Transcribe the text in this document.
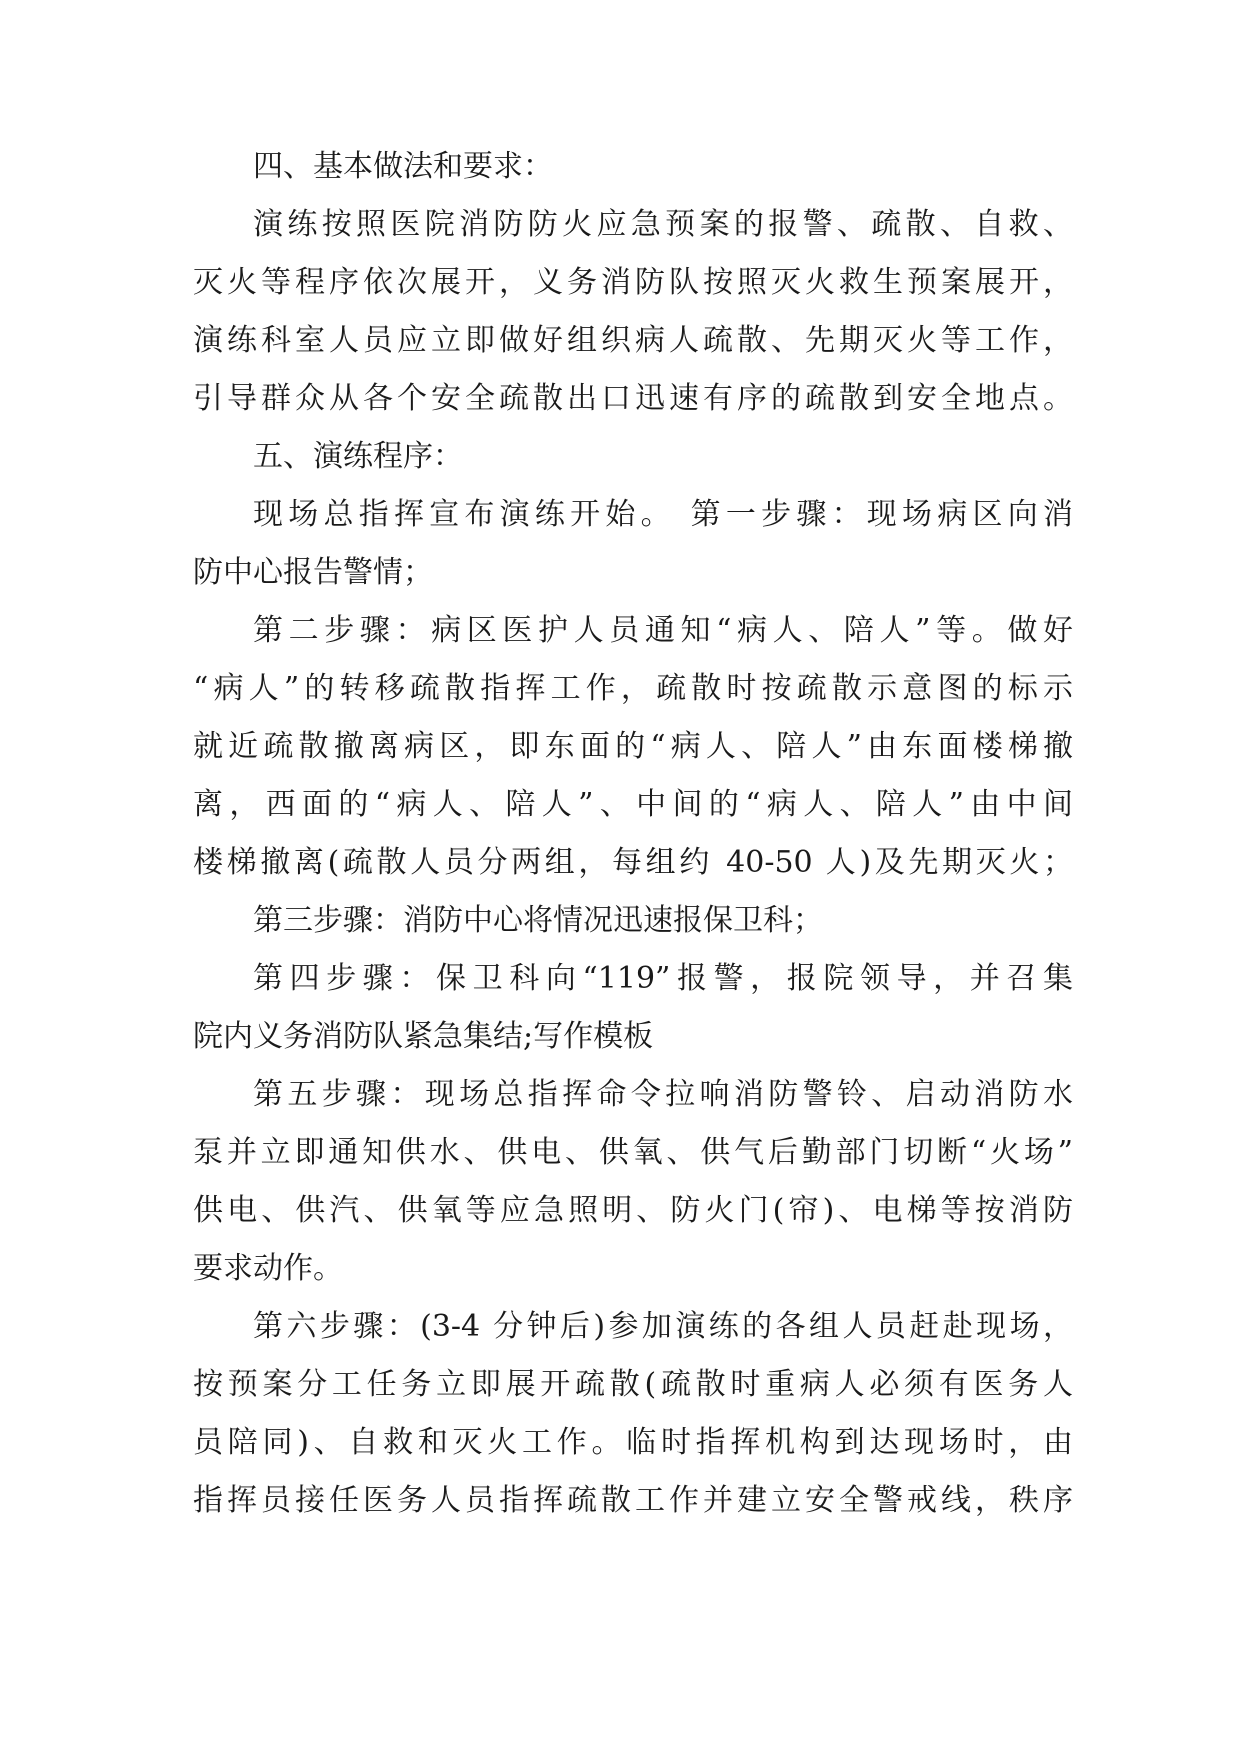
四、基本做法和要求：
演练按照医院消防防火应急预案的报警、疏散、自救、
灭火等程序依次展开，义务消防队按照灭火救生预案展开，
演练科室人员应立即做好组织病人疏散、先期灭火等工作，
引导群众从各个安全疏散出口迅速有序的疏散到安全地点。
五、演练程序：
现场总指挥宣布演练开始。 第一步骤：现场病区向消
防中心报告警情；
第二步骤：病区医护人员通知“病人、陪人”等。做好
“病人”的转移疏散指挥工作，疏散时按疏散示意图的标示
就近疏散撤离病区，即东面的“病人、陪人”由东面楼梯撤
离，西面的“病人、陪人”、中间的“病人、陪人”由中间
楼梯撤离(疏散人员分两组，每组约 40-50 人)及先期灭火；
第三步骤：消防中心将情况迅速报保卫科；
第四步骤：保卫科向“119”报警，报院领导，并召集
院内义务消防队紧急集结;写作模板
第五步骤：现场总指挥命令拉响消防警铃、启动消防水
泵并立即通知供水、供电、供氧、供气后勤部门切断“火场”
供电、供汽、供氧等应急照明、防火门(帘)、电梯等按消防
要求动作。
第六步骤：(3-4 分钟后)参加演练的各组人员赶赴现场，
按预案分工任务立即展开疏散(疏散时重病人必须有医务人
员陪同)、自救和灭火工作。临时指挥机构到达现场时，由
指挥员接任医务人员指挥疏散工作并建立安全警戒线，秩序
